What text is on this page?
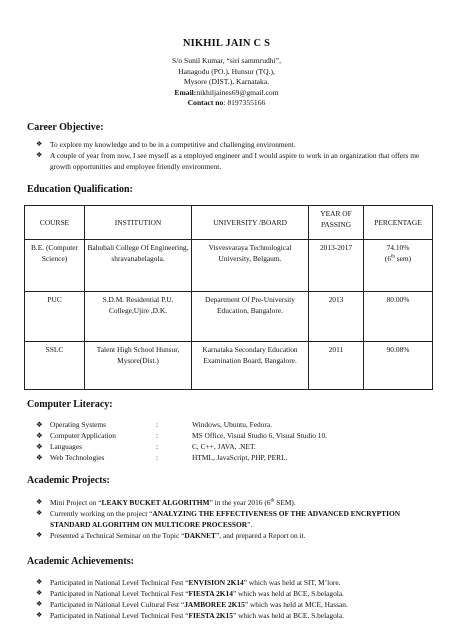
NIKHIL JAIN C S
S/o Sunil Kumar, “siri sammrudhi”,
Hanagodu (PO.), Hunsur (TQ.),
Mysore (DIST.), Karnataka.
Email:nikhiljaines69@gmail.com
Contact no: 8197355166
Career Objective:
❖ To explore my knowledge and to be in a competitive and challenging environment.
❖ A couple of year from now, I see myself as a employed engineer and I would aspire to work in an organization that offers me growth opportunities and employee friendly environment.
Education Qualification:
COURSE	INSTITUTION	UNIVERSITY /BOARD	YEAR OF PASSING	PERCENTAGE
B.E. (Computer Science)	Bahubali College Of Engineering, shravanabelagola.	Visvesvaraya Technological University, Belgaum.	2013-2017	74.10%
(6th sem)

PUC	S.D.M. Residential P.U. College,Ujire ,D.K.	Department Of Pre-University Education, Bangalore.	2013	80.00%
SSLC	Talent High School Hunsur, Mysore(Dist.)	Karnataka Secondary Education Examination Board, Bangalore.	2011	90.08%
Computer Literacy:
❖ Operating Systems	:	Windows, Ubuntu, Fedora.
❖ Computer Application	:	MS Office, Visual Studio 6, Visual Studio 10.
❖ Languages	:	C, C++, JAVA, .NET.
❖ Web Technologies	:	HTML, JavaScript, PHP, PERL.
Academic Projects:
❖ Mini Project on “LEAKY BUCKET ALGORITHM” in the year 2016 (6th SEM).
❖ Currently working on the project “ANALYZING THE EFFECTIVENESS OF THE ADVANCED ENCRYPTION STANDARD ALGORITHM ON MULTICORE PROCESSOR”.
❖ Presented a Technical Seminar on the Topic “DAKNET”, and prepared a Report on it.
Academic Achievements:
❖ Participated in National Level Technical Fest “ENVISION 2K14” which was held at SIT, M’lore.
❖ Participated in National Level Technical Fest “FIESTA 2K14” which was held at BCE, S.belagola.
❖ Participated in National Level Cultural Fest “JAMBOREE 2K15” which was held at MCE, Hassan.
❖ Participated in National Level Technical Fest “FIESTA 2K15” which was held at BCE, S.belagola.
